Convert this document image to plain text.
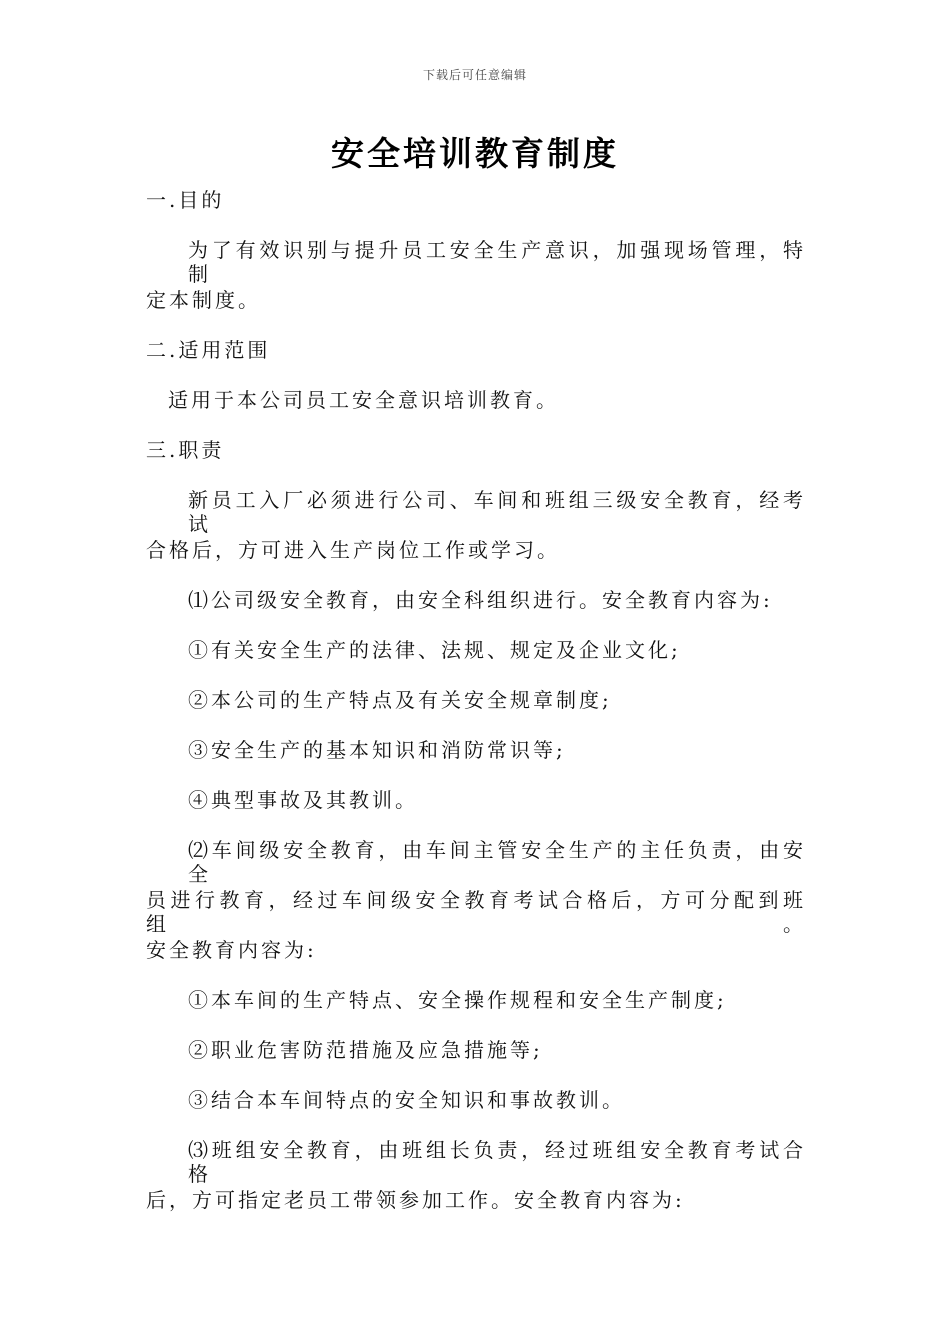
下载后可任意编辑
安全培训教育制度
一.目的
为了有效识别与提升员工安全生产意识，加强现场管理，特制
定本制度。
二.适用范围
适用于本公司员工安全意识培训教育。
三.职责
新员工入厂必须进行公司、车间和班组三级安全教育，经考试
合格后，方可进入生产岗位工作或学习。
⑴公司级安全教育，由安全科组织进行。安全教育内容为:
①有关安全生产的法律、法规、规定及企业文化;
②本公司的生产特点及有关安全规章制度;
③安全生产的基本知识和消防常识等;
④典型事故及其教训。
⑵车间级安全教育，由车间主管安全生产的主任负责，由安全
员进行教育，经过车间级安全教育考试合格后，方可分配到班组。
安全教育内容为:
①本车间的生产特点、安全操作规程和安全生产制度;
②职业危害防范措施及应急措施等;
③结合本车间特点的安全知识和事故教训。
⑶班组安全教育，由班组长负责，经过班组安全教育考试合格
后，方可指定老员工带领参加工作。安全教育内容为:
